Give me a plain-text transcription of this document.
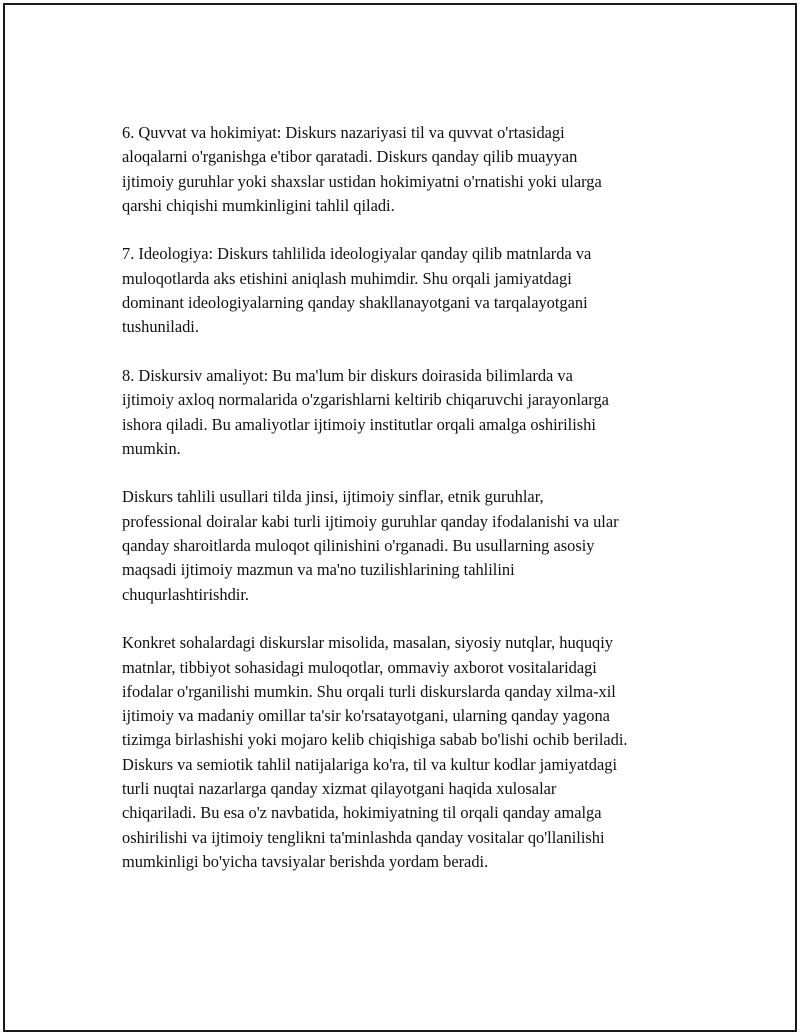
6. Quvvat va hokimiyat: Diskurs nazariyasi til va quvvat o'rtasidagi
aloqalarni o'rganishga e'tibor qaratadi. Diskurs qanday qilib muayyan
ijtimoiy guruhlar yoki shaxslar ustidan hokimiyatni o'rnatishi yoki ularga
qarshi chiqishi mumkinligini tahlil qiladi.

7. Ideologiya: Diskurs tahlilida ideologiyalar qanday qilib matnlarda va
muloqotlarda aks etishini aniqlash muhimdir. Shu orqali jamiyatdagi
dominant ideologiyalarning qanday shakllanayotgani va tarqalayotgani
tushuniladi.

8. Diskursiv amaliyot: Bu ma'lum bir diskurs doirasida bilimlarda va
ijtimoiy axloq normalarida o'zgarishlarni keltirib chiqaruvchi jarayonlarga
ishora qiladi. Bu amaliyotlar ijtimoiy institutlar orqali amalga oshirilishi
mumkin.

Diskurs tahlili usullari tilda jinsi, ijtimoiy sinflar, etnik guruhlar,
professional doiralar kabi turli ijtimoiy guruhlar qanday ifodalanishi va ular
qanday sharoitlarda muloqot qilinishini o'rganadi. Bu usullarning asosiy
maqsadi ijtimoiy mazmun va ma'no tuzilishlarining tahlilini
chuqurlashtirishdir.

Konkret sohalardagi diskurslar misolida, masalan, siyosiy nutqlar, huquqiy
matnlar, tibbiyot sohasidagi muloqotlar, ommaviy axborot vositalaridagi
ifodalar o'rganilishi mumkin. Shu orqali turli diskurslarda qanday xilma-xil
ijtimoiy va madaniy omillar ta'sir ko'rsatayotgani, ularning qanday yagona
tizimga birlashishi yoki mojaro kelib chiqishiga sabab bo'lishi ochib beriladi.
Diskurs va semiotik tahlil natijalariga ko'ra, til va kultur kodlar jamiyatdagi
turli nuqtai nazarlarga qanday xizmat qilayotgani haqida xulosalar
chiqariladi. Bu esa o'z navbatida, hokimiyatning til orqali qanday amalga
oshirilishi va ijtimoiy tenglikni ta'minlashda qanday vositalar qo'llanilishi
mumkinligi bo'yicha tavsiyalar berishda yordam beradi.
